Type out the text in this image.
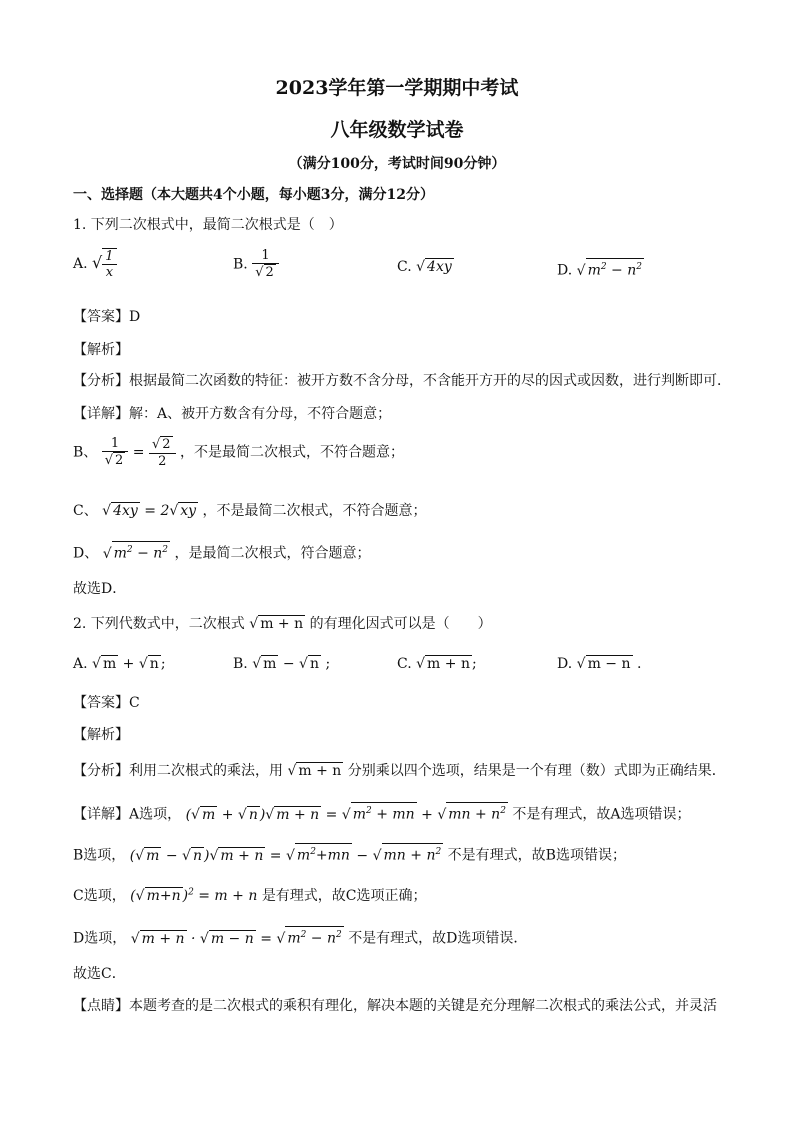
2023学年第一学期期中考试
八年级数学试卷
（满分100分，考试时间90分钟）
一、选择题（本大题共4个小题，每小题3分，满分12分）
1. 下列二次根式中，最简二次根式是（　）
A. √ $\frac{1}{x}$	B. $\frac{1}{√ 2}$	C. √ 4xy	D. √ $m^2 - n^2$
【答案】D
【解析】
【分析】根据最简二次函数的特征：被开方数不含分母，不含能开方开的尽的因式或因数，进行判断即可．
【详解】解：A、被开方数含有分母，不符合题意；
B、 $\frac{1}{√ 2} = \frac{√ 2}{2}$ ，不是最简二次根式，不符合题意；
C、 √ 4xy = 2√ xy ，不是最简二次根式，不符合题意；
D、 √ $m^2 - n^2$ ，是最简二次根式，符合题意；
故选D．
2. 下列代数式中，二次根式 √ m + n 的有理化因式可以是（　　）
A. √ m + √ n ;	B. √ m − √ n ;	C. √ m + n ;	D. √ m − n .
【答案】C
【解析】
【分析】利用二次根式的乘法，用 √ m + n 分别乘以四个选项，结果是一个有理（数）式即为正确结果．
【详解】A选项， (√ m + √ n )√ m + n = √ $m^2$ + mn + √ mn + $n^2$ 不是有理式，故A选项错误；
B选项， (√ m − √ n )√ m + n = √ $m^2+mn$ − √ mn + $n^2$ 不是有理式，故B选项错误；
C选项， (√ m+n )$^2$ = m + n 是有理式，故C选项正确；
D选项， √ m + n · √ m − n = √ $m^2 - n^2$ 不是有理式，故D选项错误．
故选C．
【点睛】本题考查的是二次根式的乘积有理化，解决本题的关键是充分理解二次根式的乘法公式，并灵活
